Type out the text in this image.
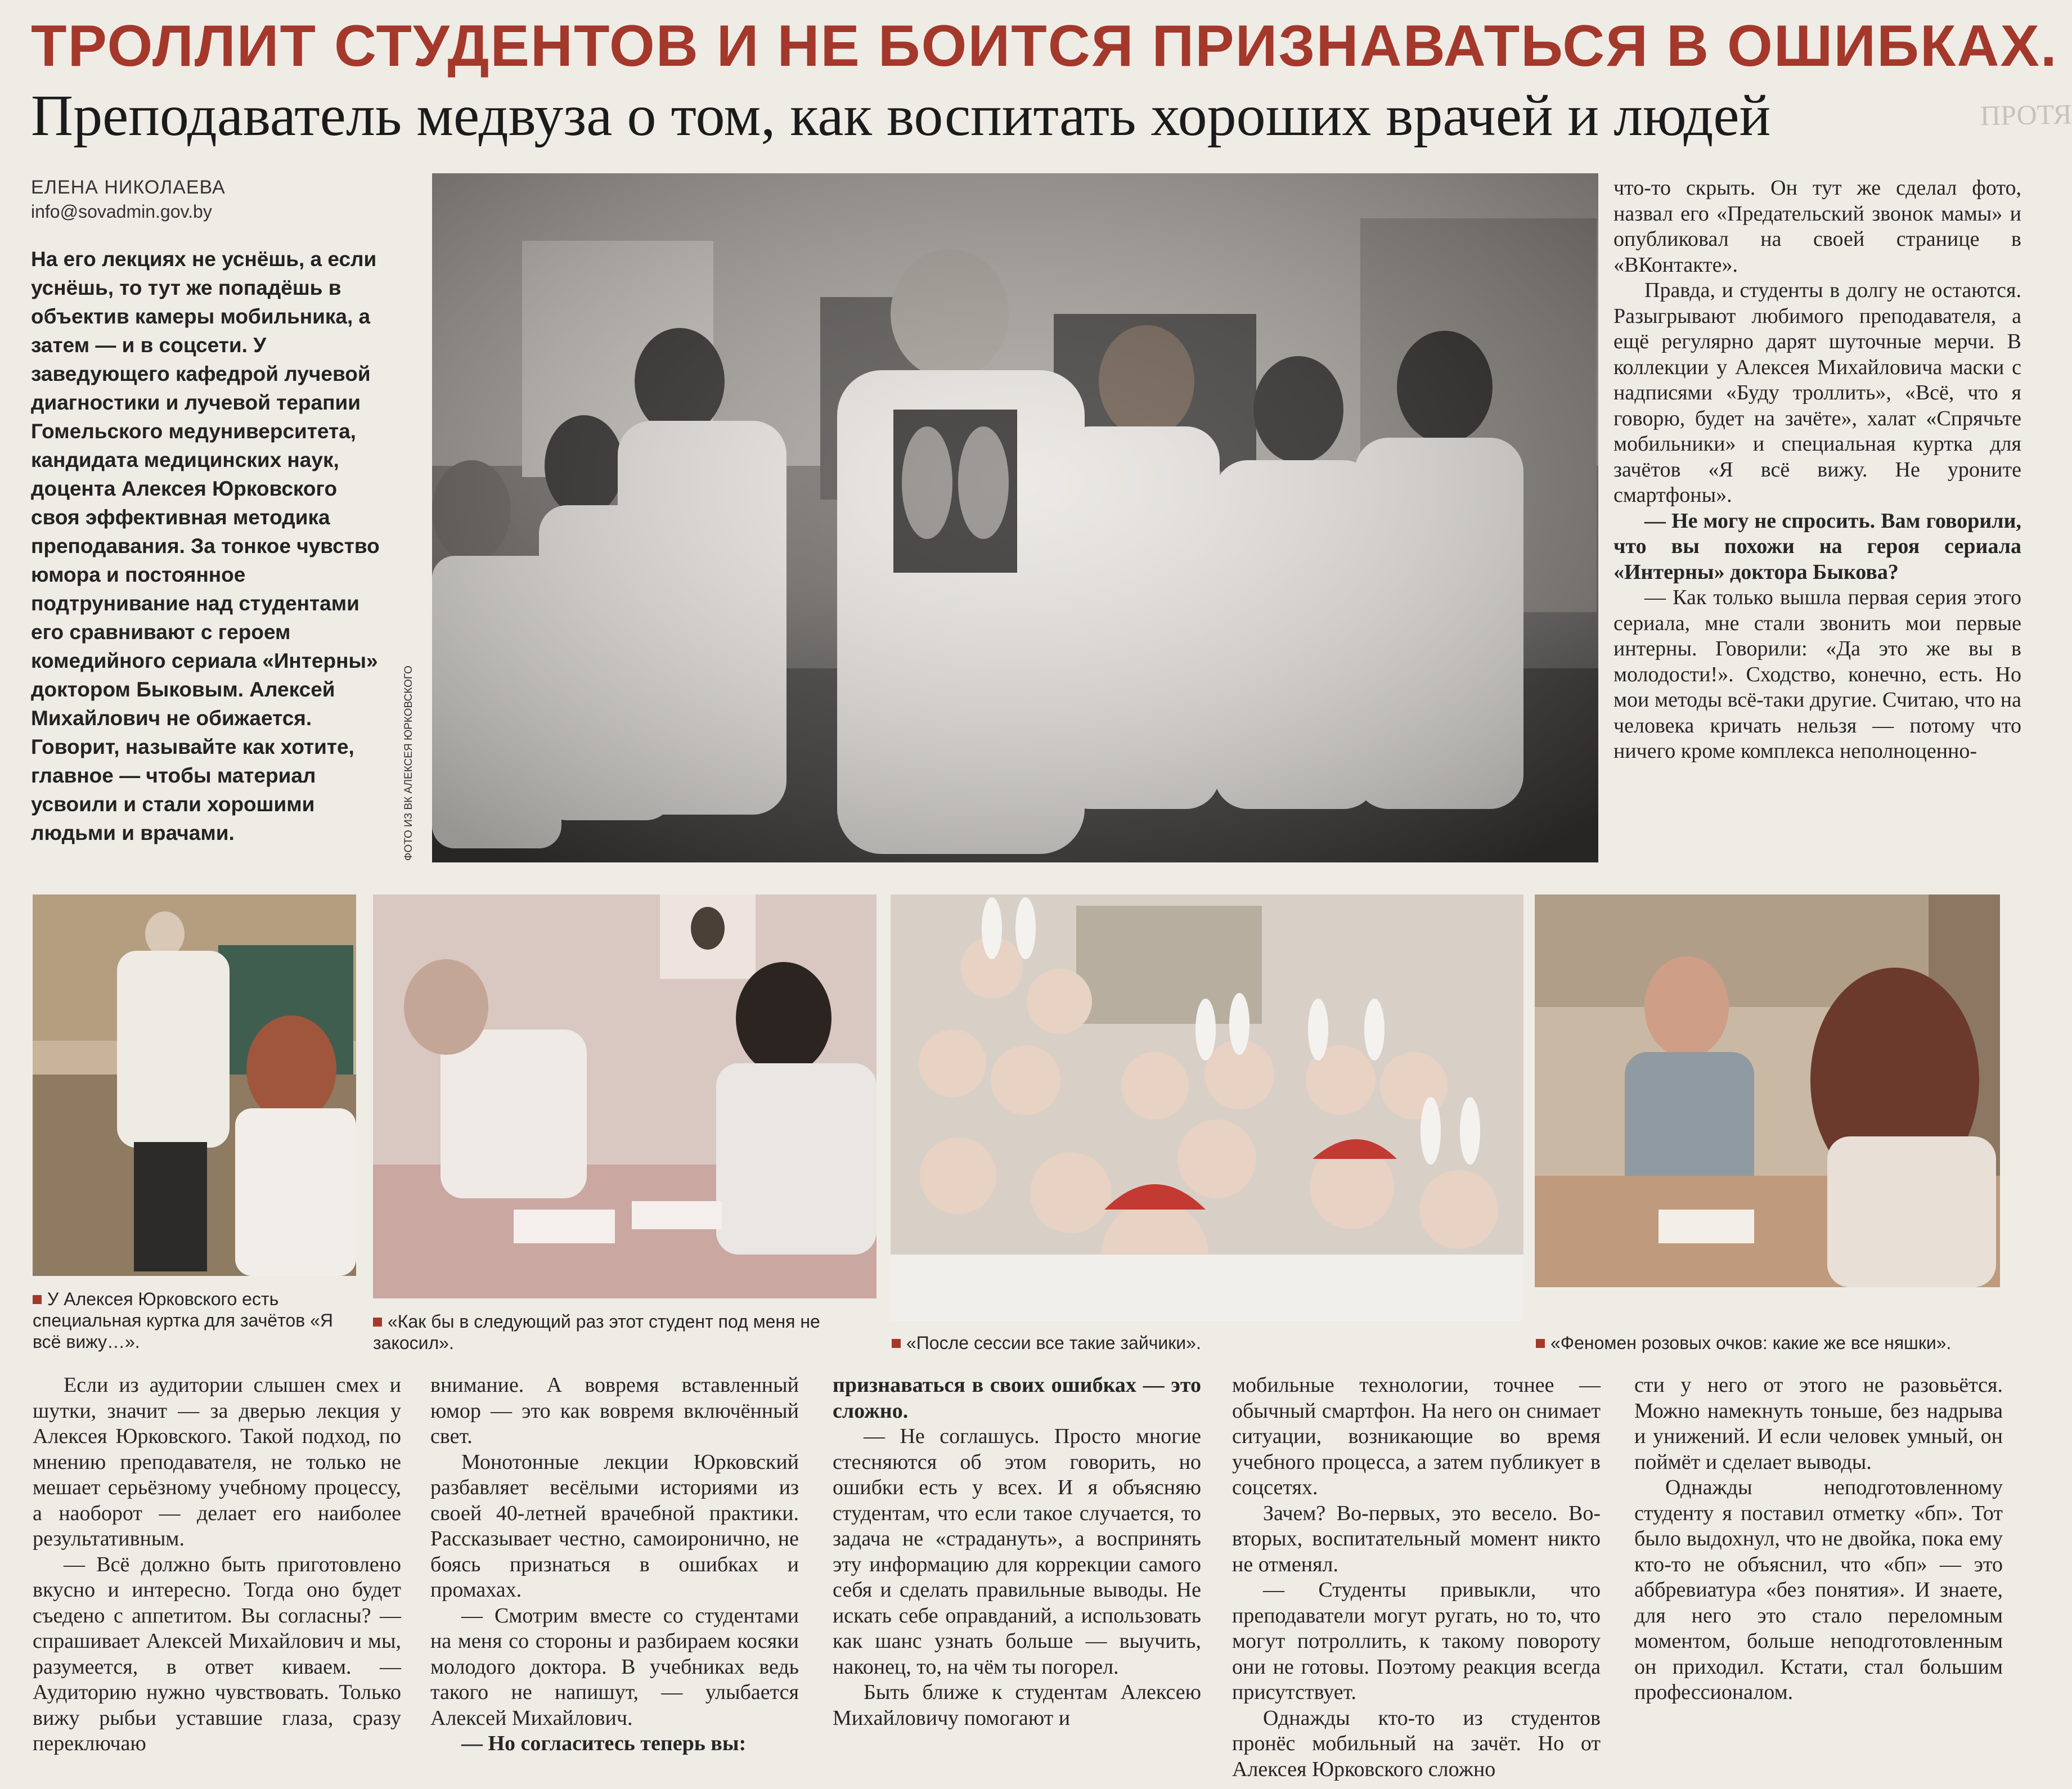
ТРОЛЛИТ СТУДЕНТОВ И НЕ БОИТСЯ ПРИЗНАВАТЬСЯ В ОШИБКАХ.
Преподаватель медвуза о том, как воспитать хороших врачей и людей	ПРОТЯ
ЕЛЕНА НИКОЛАЕВА
info@sovadmin.gov.by
На его лекциях не уснёшь, а если уснёшь, то тут же попадёшь в объектив камеры мобильника, а затем — и в соцсети. У заведующего кафедрой лучевой диагностики и лучевой терапии Гомельского медуниверситета, кандидата медицинских наук, доцента Алексея Юрковского своя эффективная методика преподавания. За тонкое чувство юмора и постоянное подтрунивание над студентами его сравнивают с героем комедийного сериала «Интерны» доктором Быковым. Алексей Михайлович не обижается. Говорит, называйте как хотите, главное — чтобы материал усвоили и стали хорошими людьми и врачами.	ФОТО ИЗ ВК АЛЕКСЕЯ ЮРКОВСКОГО

что-то скрыть. Он тут же сделал фото, назвал его «Предательский звонок мамы» и опубликовал на своей странице в «ВКонтакте».

Правда, и студенты в долгу не остаются. Разыгрывают любимого преподавателя, а ещё регулярно дарят шуточные мерчи. В коллекции у Алексея Михайловича маски с надписями «Буду троллить», «Всё, что я говорю, будет на зачёте», халат «Спрячьте мобильники» и специальная куртка для зачётов «Я всё вижу. Не уроните смартфоны».

— Не могу не спросить. Вам говорили, что вы похожи на героя сериала «Интерны» доктора Быкова?

— Как только вышла первая серия этого сериала, мне стали звонить мои первые интерны. Говорили: «Да это же вы в молодости!». Сходство, конечно, есть. Но мои методы всё-таки другие. Считаю, что на человека кричать нельзя — потому что ничего кроме комплекса неполноценно-

У Алексея Юрковского есть специальная куртка для зачётов «Я всё вижу…».
«Как бы в следующий раз этот студент под меня не закосил».	«После сессии все такие зайчики».	«Феномен розовых очков: какие же все няшки».

Если из аудитории слышен смех и шутки, значит — за дверью лекция у Алексея Юрковского. Такой подход, по мнению преподавателя, не только не мешает серьёзному учебному процессу, а наоборот — делает его наиболее результативным.

— Всё должно быть приготовлено вкусно и интересно. Тогда оно будет съедено с аппетитом. Вы согласны? — спрашивает Алексей Михайлович и мы, разумеется, в ответ киваем. — Аудиторию нужно чувствовать. Только вижу рыбьи уставшие глаза, сразу переключаю

внимание. А вовремя вставленный юмор — это как вовремя включённый свет.

Монотонные лекции Юрковский разбавляет весёлыми историями из своей 40-летней врачебной практики. Рассказывает честно, самоиронично, не боясь признаться в ошибках и промахах.

— Смотрим вместе со студентами на меня со стороны и разбираем косяки молодого доктора. В учебниках ведь такого не напишут, — улыбается Алексей Михайлович.

— Но согласитесь теперь вы:

признаваться в своих ошибках — это сложно.

— Не соглашусь. Просто многие стесняются об этом говорить, но ошибки есть у всех. И я объясняю студентам, что если такое случается, то задача не «страдануть», а воспринять эту информацию для коррекции самого себя и сделать правильные выводы. Не искать себе оправданий, а использовать как шанс узнать больше — выучить, наконец, то, на чём ты погорел.

Быть ближе к студентам Алексею Михайловичу помогают и

мобильные технологии, точнее — обычный смартфон. На него он снимает ситуации, возникающие во время учебного процесса, а затем публикует в соцсетях.

Зачем? Во-первых, это весело. Во-вторых, воспитательный момент никто не отменял.

— Студенты привыкли, что преподаватели могут ругать, но то, что могут потроллить, к такому повороту они не готовы. Поэтому реакция всегда присутствует.

Однажды кто-то из студентов пронёс мобильный на зачёт. Но от Алексея Юрковского сложно

сти у него от этого не разовьётся. Можно намекнуть тоньше, без надрыва и унижений. И если человек умный, он поймёт и сделает выводы.

Однажды неподготовленному студенту я поставил отметку «бп». Тот было выдохнул, что не двойка, пока ему кто-то не объяснил, что «бп» — это аббревиатура «без понятия». И знаете, для него это стало переломным моментом, больше неподготовленным он приходил. Кстати, стал большим профессионалом.
